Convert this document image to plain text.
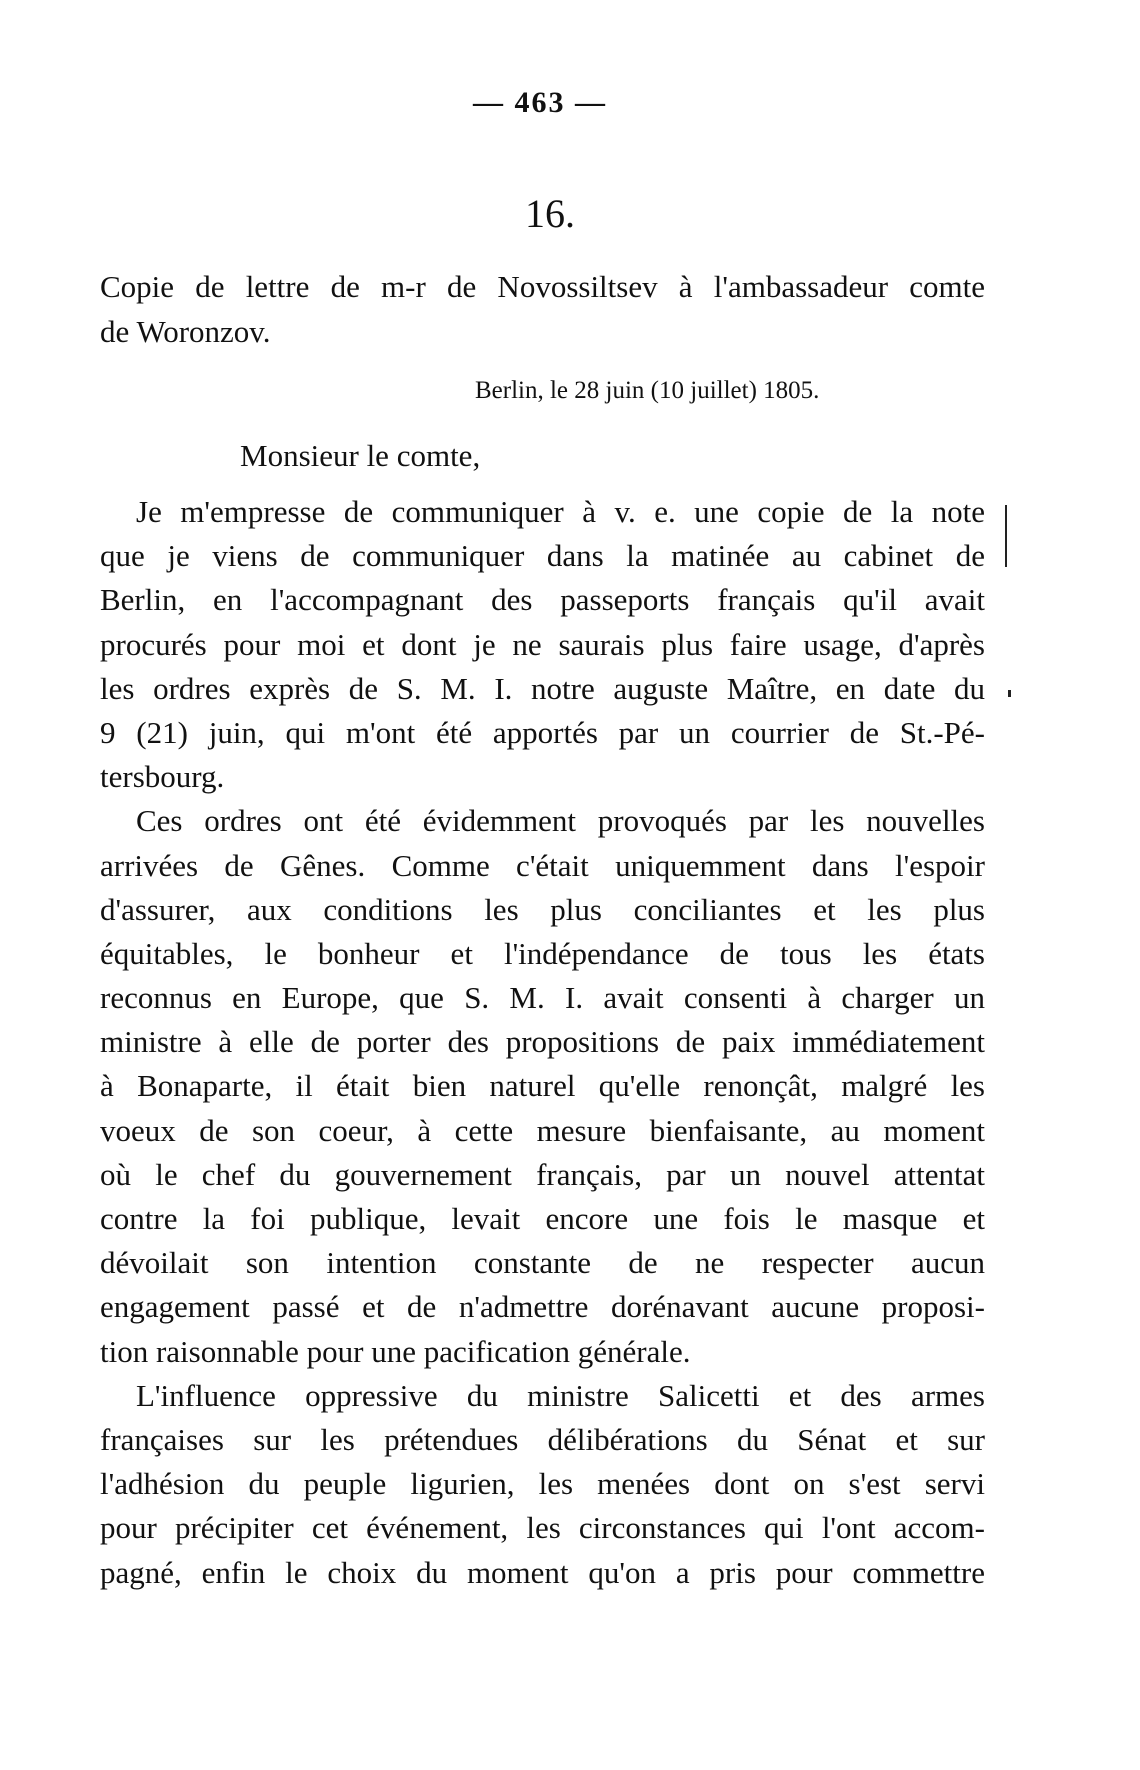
— 463 —
16.
Copie de lettre de m-r de Novossiltsev à l'ambassadeur comte
de Woronzov.
Berlin, le 28 juin (10 juillet) 1805.
Monsieur le comte,
Je m'empresse de communiquer à v. e. une copie de la note
que je viens de communiquer dans la matinée au cabinet de
Berlin, en l'accompagnant des passeports français qu'il avait
procurés pour moi et dont je ne saurais plus faire usage, d'après
les ordres exprès de S. M. I. notre auguste Maître, en date du
9 (21) juin, qui m'ont été apportés par un courrier de St.-Pé-
tersbourg.
Ces ordres ont été évidemment provoqués par les nouvelles
arrivées de Gênes. Comme c'était uniquemment dans l'espoir
d'assurer, aux conditions les plus conciliantes et les plus
équitables, le bonheur et l'indépendance de tous les états
reconnus en Europe, que S. M. I. avait consenti à charger un
ministre à elle de porter des propositions de paix immédiatement
à Bonaparte, il était bien naturel qu'elle renonçât, malgré les
voeux de son coeur, à cette mesure bienfaisante, au moment
où le chef du gouvernement français, par un nouvel attentat
contre la foi publique, levait encore une fois le masque et
dévoilait son intention constante de ne respecter aucun
engagement passé et de n'admettre dorénavant aucune proposi-
tion raisonnable pour une pacification générale.
L'influence oppressive du ministre Salicetti et des armes
françaises sur les prétendues délibérations du Sénat et sur
l'adhésion du peuple ligurien, les menées dont on s'est servi
pour précipiter cet événement, les circonstances qui l'ont accom-
pagné, enfin le choix du moment qu'on a pris pour commettre
